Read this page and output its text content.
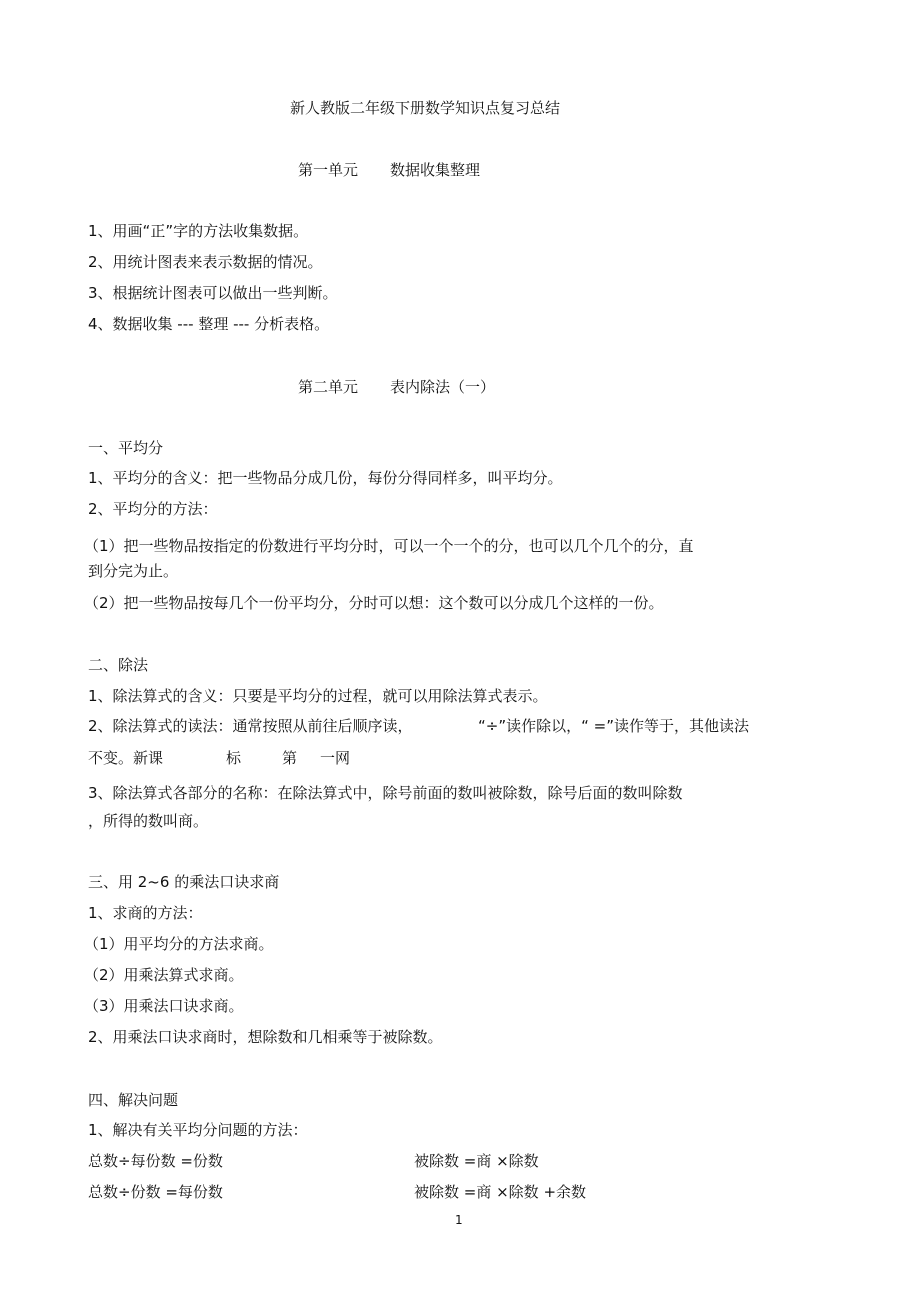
新人教版二年级下册数学知识点复习总结
第一单元 数据收集整理
1、用画“正”字的方法收集数据。
2、用统计图表来表示数据的情况。
3、根据统计图表可以做出一些判断。
4、数据收集 --- 整理 --- 分析表格。
第二单元 表内除法（一）
一、平均分
1、平均分的含义：把一些物品分成几份，每份分得同样多，叫平均分。
2、平均分的方法：
（1）把一些物品按指定的份数进行平均分时，可以一个一个的分，也可以几个几个的分，直
到分完为止。
（2）把一些物品按每几个一份平均分，分时可以想：这个数可以分成几个这样的一份。
二、除法
1、除法算式的含义：只要是平均分的过程，就可以用除法算式表示。
2、除法算式的读法：通常按照从前往后顺序读，	“÷”读作除以，“ =”读作等于，其他读法
不变。新课	标	第 一网
3、除法算式各部分的名称：在除法算式中，除号前面的数叫被除数，除号后面的数叫除数
，所得的数叫商。
三、用 2~6 的乘法口诀求商
1、求商的方法：
（1）用平均分的方法求商。
（2）用乘法算式求商。
（3）用乘法口诀求商。
2、用乘法口诀求商时，想除数和几相乘等于被除数。
四、解决问题
1、解决有关平均分问题的方法：
总数÷每份数 =份数	被除数 =商 ×除数
总数÷份数 =每份数	被除数 =商 ×除数 +余数
1
